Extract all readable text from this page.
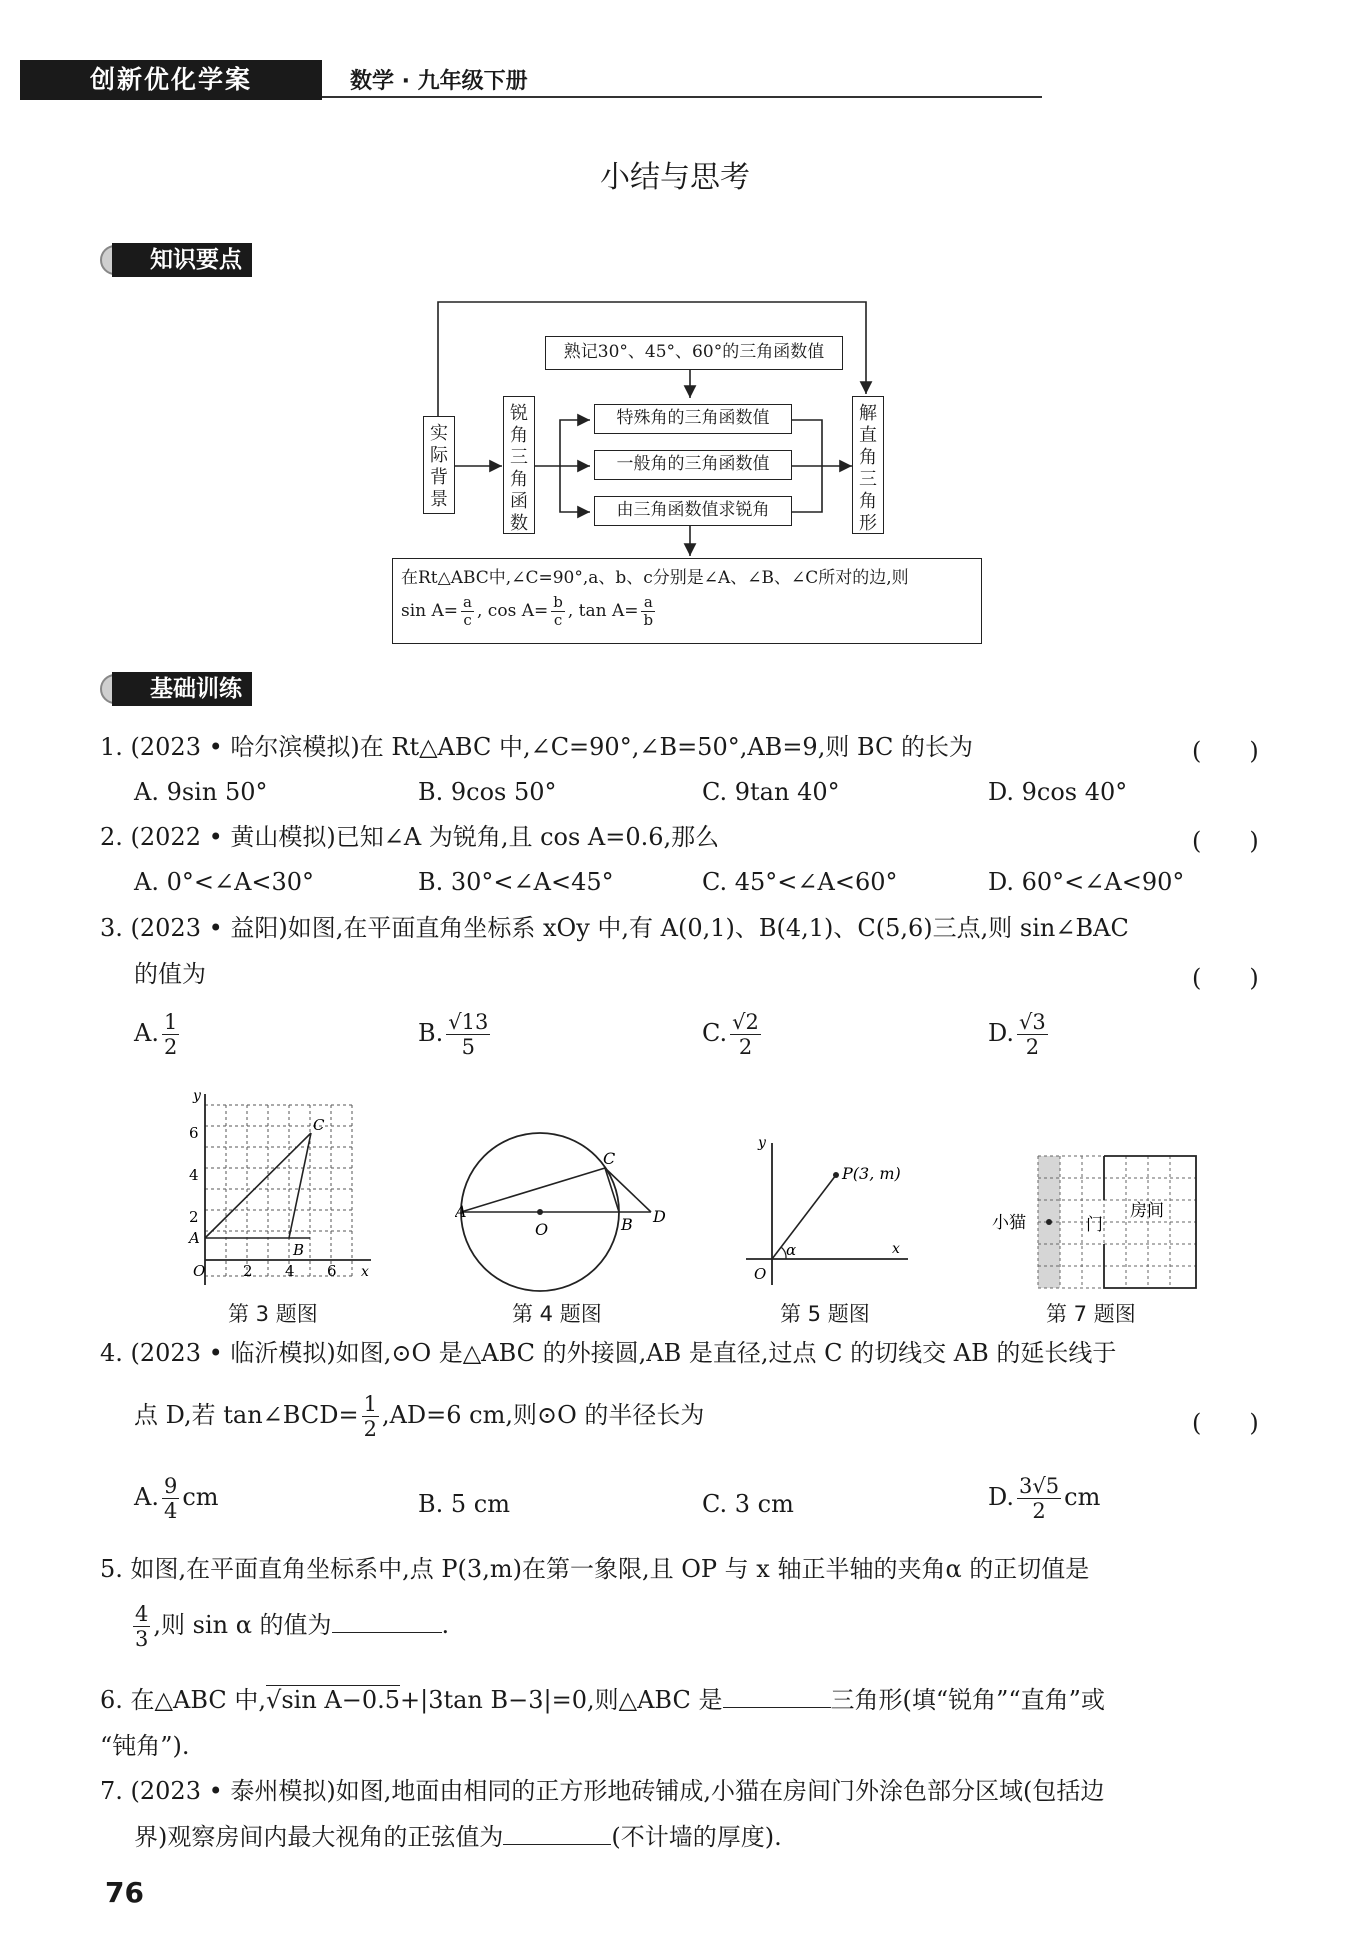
创新优化学案	数学 · 九年级下册
小结与思考
知识要点
熟记30°、45°、60°的三角函数值
实际背景
锐角三角函数
特殊角的三角函数值
一般角的三角函数值
由三角函数值求锐角
解直角三角形
在Rt△ABC中,∠C=90°,a、b、c分别是∠A、∠B、∠C所对的边,则
$\sin A= \frac{a}{c}$ , $\cos A= \frac{b}{c}$ , $\tan A= \frac{a}{b}$
基础训练
1. (2023 • 哈尔滨模拟)在 Rt△ABC 中,∠C=90°,∠B=50°,AB=9,则 BC 的长为	(　　)
A. 9sin 50°	B. 9cos 50°	C. 9tan 40°	D. 9cos 40°
2. (2022 • 黄山模拟)已知∠A 为锐角,且 cos A=0.6,那么	(　　)
A. 0°<∠A<30°	B. 30°<∠A<45°	C. 45°<∠A<60°	D. 60°<∠A<90°
3. (2023 • 益阳)如图,在平面直角坐标系 xOy 中,有 A(0,1)、B(4,1)、C(5,6)三点,则 sin∠BAC
的值为	(　　)
A. $\frac{1}{2}$	B. $\frac{√13}{5}$	C. $\frac{√2}{2}$	D. $\frac{√3}{2}$
y
x
O
6
4
2
2 4 6
A
B
C
第 3 题图
A
O	B
C
D
第 4 题图
y
x
O
P(3, m)
α
第 5 题图
小猫	门
房间
第 7 题图
4. (2023 • 临沂模拟)如图,⊙O 是△ABC 的外接圆,AB 是直径,过点 C 的切线交 AB 的延长线于
点 D,若 tan∠BCD= $\frac{1}{2} ,AD=6$ cm,则⊙O 的半径长为	(　　)
A. $\frac{9}{4}$ cm	B. 5 cm	C. 3 cm	D. $\frac{3√5}{2}$ cm
5. 如图,在平面直角坐标系中,点 P(3,m)在第一象限,且 OP 与 x 轴正半轴的夹角α 的正切值是
$\frac{4}{3}$ ,则 sin α 的值为	.
6. 在△ABC 中,√sin A−0.5+|3tan B−3|=0,则△ABC 是	三角形(填“锐角”“直角”或
“钝角”).
7. (2023 • 泰州模拟)如图,地面由相同的正方形地砖铺成,小猫在房间门外涂色部分区域(包括边
界)观察房间内最大视角的正弦值为	(不计墙的厚度).
76
